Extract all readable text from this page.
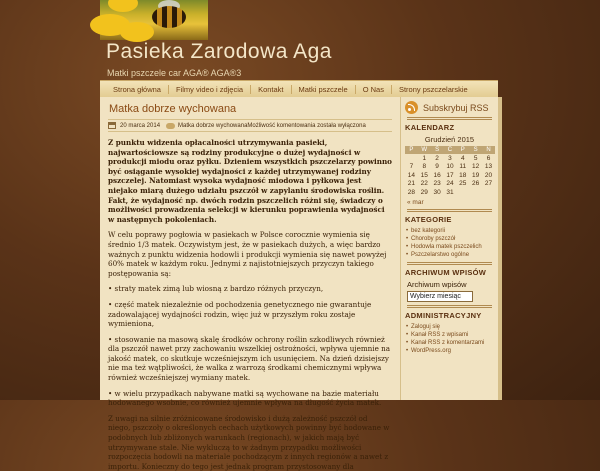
Pasieka Zarodowa Aga
Matki pszczele car AGA® AGA®3
Strona główna	Filmy video i zdjęcia	Kontakt	Matki pszczele	O Nas	Strony pszczelarskie
Matka dobrze wychowana
20 marca 2014	Matka dobrze wychowanaMożliwość komentowania została wyłączona

Z punktu widzenia opłacalności utrzymywania pasieki, najwartościowsze są rodziny produkcyjne o dużej wydajności w produkcji miodu oraz pyłku. Dzieniem wszystkich pszczelarzy powinno być osiąganie wysokiej wydajności z każdej utrzymywanej rodziny pszczelej. Natomiast wysoka wydajność miodowa i pyłkowa jest niejako miarą dużego udziału pszczół w zapylaniu środowiska roślin. Fakt, że wydajność np. dwóch rodzin pszczelich różni się, świadczy o możliwości prowadzenia selekcji w kierunku poprawienia wydajności w następnych pokoleniach.

W celu poprawy pogłowia w pasiekach w Polsce corocznie wymienia się średnio 1/3 matek. Oczywistym jest, że w pasiekach dużych, a więc bardzo ważnych z punktu widzenia hodowli i produkcji wymienia się nawet powyżej 60% matek w każdym roku. Jednymi z najistotniejszych przyczyn takiego postępowania są:

• straty matek zimą lub wiosną z bardzo różnych przyczyn,

• część matek niezależnie od pochodzenia genetycznego nie gwarantuje zadowalającej wydajności rodzin, więc już w przyszłym roku zostaje wymieniona,

• stosowanie na masową skalę środków ochrony roślin szkodliwych również dla pszczół nawet przy zachowaniu wszelkiej ostrożności, wpływa ujemnie na jakość matek, co skutkuje wcześniejszym ich usunięciem. Na dzień dzisiejszy nie ma też wątpliwości, że walka z warrozą środkami chemicznymi wpływa również wcześniejszej wymiany matek.

• w wielu przypadkach nabywane matki są wychowane na bazie materiału hodowanego wsobnie, co również ujemnie wpływa na długość życia matek.

Z uwagi na silnie zróżnicowane środowisko i dużą zależność pszczół od niego, pszczoły o określonych cechach użytkowych powinny być hodowane w podobnych lub zbliżonych warunkach (regionach), w jakich mają być utrzymywane stale. Nie wykluczą to w żadnym przypadku możliwości rozpoczęcia hodowli na materiale pochodzącym z innych regionów a nawet z importu. Konieczny do tego jest jednak program przystosowany dla

Subskrybuj RSS
KALENDARZ
Grudzień 2015
P	W	Ś	C	P	S	N
	1	2	3	4	5	6
7	8	9	10	11	12	13
14	15	16	17	18	19	20
21	22	23	24	25	26	27
28	29	30	31			
« mar
KATEGORIE
• bez kategorii
• Choroby pszczół
• Hodowla matek pszczelich
• Pszczelarstwo ogólne
ARCHIWUM WPISÓW
Archiwum wpisów
Wybierz miesiąc
ADMINISTRACYJNY
• Zaloguj się
• Kanał RSS z wpisami
• Kanał RSS z komentarzami
• WordPress.org
